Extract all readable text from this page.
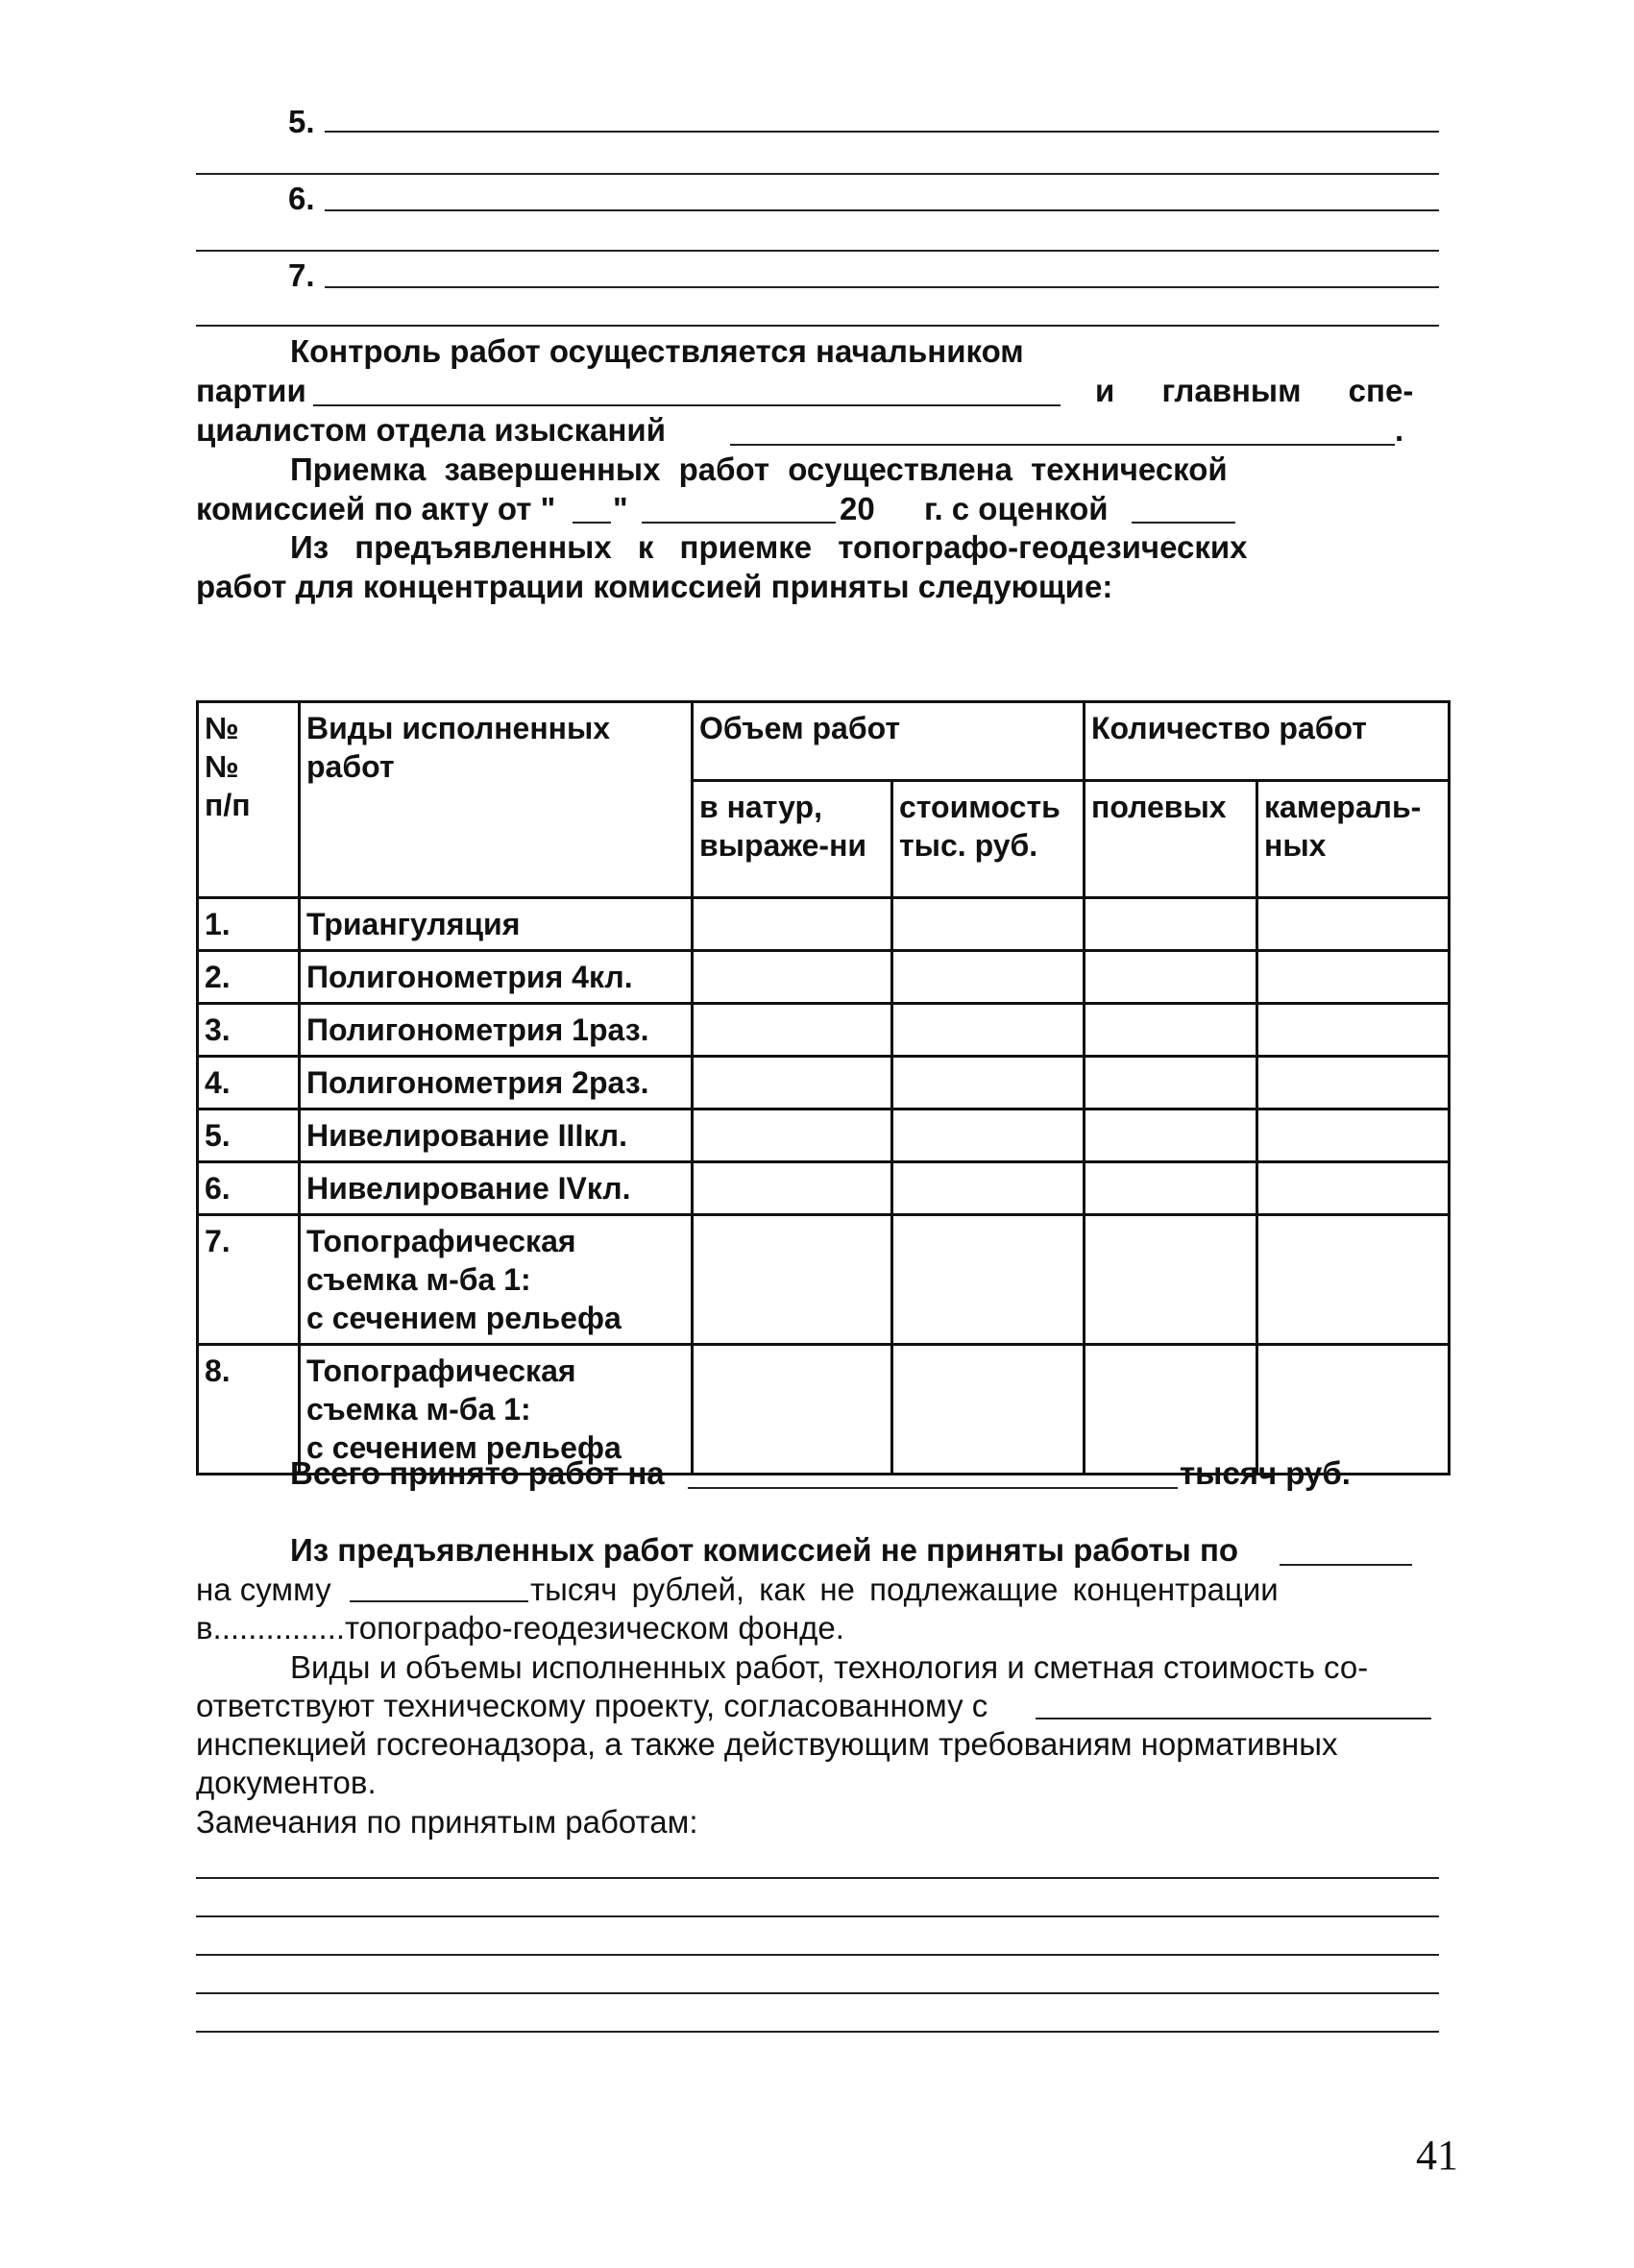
5.
6.
7.
Контроль работ осуществляется начальником
партии	и главным спе-
циалистом отдела изысканий	.
Приемка завершенных работ осуществлена технической
комиссией по акту от " "	20 г. с оценкой
Из предъявленных к приемке топографо-геодезических
работ для концентрации комиссией приняты следующие:
№
№
п/п	Виды исполненных работ	Объем работ		Количество работ	
		в натур, выраже-ни	стоимость тыс. руб.	полевых	камераль-ных
1.	Триангуляция				
2.	Полигонометрия 4кл.				
3.	Полигонометрия 1раз.				
4.	Полигонометрия 2раз.				
5.	Нивелирование IIIкл.				
6.	Нивелирование IVкл.				
7.	Топографическая
съемка м-ба 1:
с сечением рельефа				
8.	Топографическая
съемка м-ба 1:
с сечением рельефа				
Всего принято работ на	тысяч руб.
Из предъявленных работ комиссией не приняты работы по
на сумму	тысяч рублей, как не подлежащие концентрации
в...............топографо-геодезическом фонде.
Виды и объемы исполненных работ, технология и сметная стоимость со-
ответствуют техническому проекту, согласованному с
инспекцией госгеонадзора, а также действующим требованиям нормативных
документов.
Замечания по принятым работам:
41
